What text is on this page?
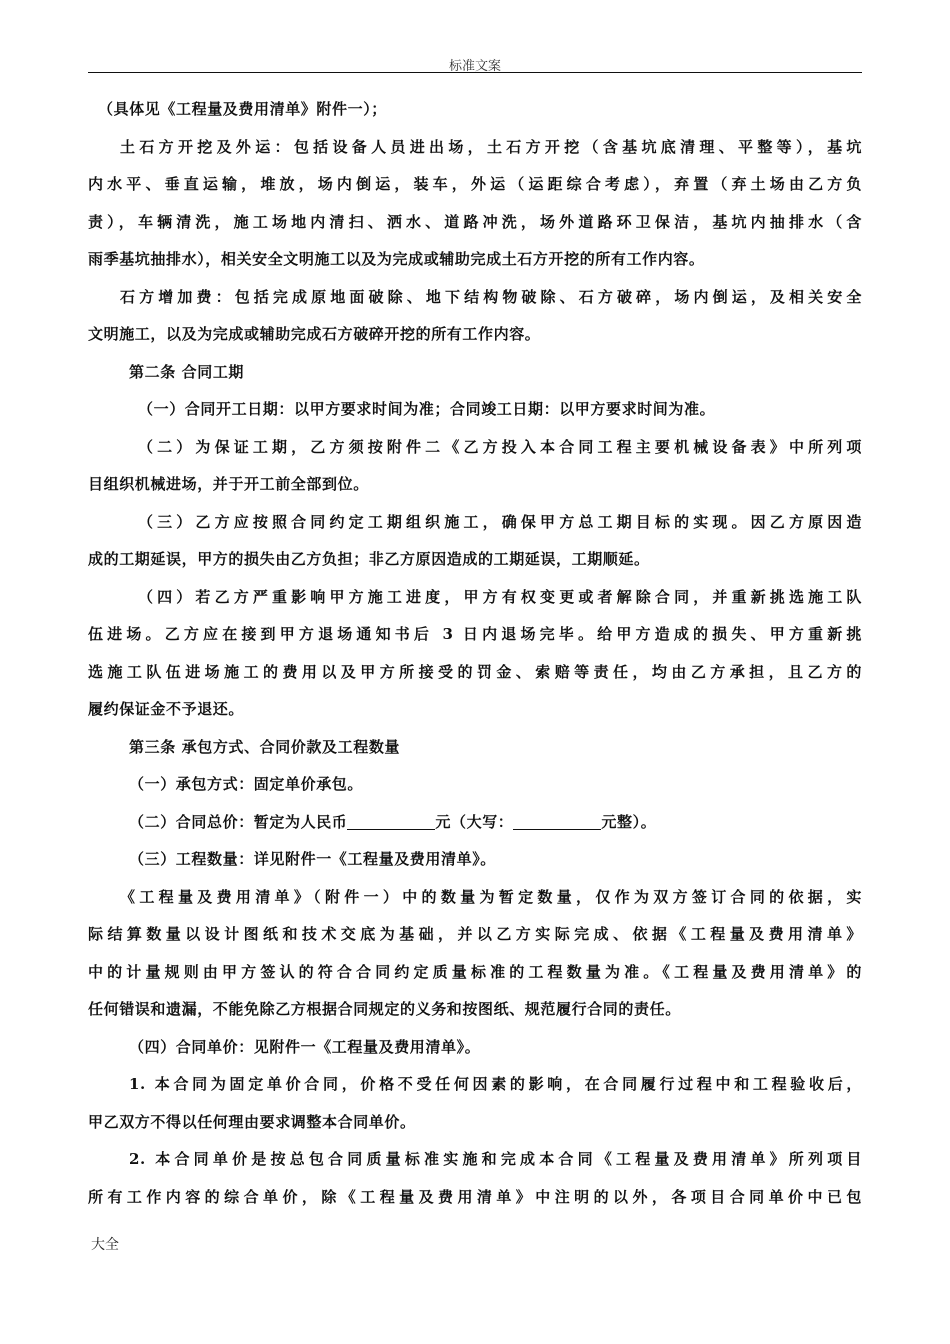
标准文案
（具体见《工程量及费用清单》附件一）；
土石方开挖及外运：包括设备人员进出场，土石方开挖（含基坑底清理、平整等），基坑
内水平、垂直运输，堆放，场内倒运，装车，外运（运距综合考虑），弃置（弃土场由乙方负
责），车辆清洗，施工场地内清扫、洒水、道路冲洗，场外道路环卫保洁，基坑内抽排水（含
雨季基坑抽排水），相关安全文明施工以及为完成或辅助完成土石方开挖的所有工作内容。
石方增加费：包括完成原地面破除、地下结构物破除、石方破碎，场内倒运，及相关安全
文明施工，以及为完成或辅助完成石方破碎开挖的所有工作内容。
第二条 合同工期
（一）合同开工日期：以甲方要求时间为准；合同竣工日期：以甲方要求时间为准。
（二）为保证工期，乙方须按附件二《乙方投入本合同工程主要机械设备表》中所列项
目组织机械进场，并于开工前全部到位。
（三）乙方应按照合同约定工期组织施工，确保甲方总工期目标的实现。因乙方原因造
成的工期延误，甲方的损失由乙方负担；非乙方原因造成的工期延误，工期顺延。
（四）若乙方严重影响甲方施工进度，甲方有权变更或者解除合同，并重新挑选施工队
伍进场。乙方应在接到甲方退场通知书后 3 日内退场完毕。给甲方造成的损失、甲方重新挑
选施工队伍进场施工的费用以及甲方所接受的罚金、索赔等责任，均由乙方承担，且乙方的
履约保证金不予退还。
第三条 承包方式、合同价款及工程数量
（一）承包方式：固定单价承包。
（二）合同总价：暂定为人民币	元（大写：	元整）。
（三）工程数量：详见附件一《工程量及费用清单》。
《工程量及费用清单》（附件一）中的数量为暂定数量，仅作为双方签订合同的依据，实
际结算数量以设计图纸和技术交底为基础，并以乙方实际完成、依据《工程量及费用清单》
中的计量规则由甲方签认的符合合同约定质量标准的工程数量为准。《工程量及费用清单》的
任何错误和遗漏，不能免除乙方根据合同规定的义务和按图纸、规范履行合同的责任。
（四）合同单价：见附件一《工程量及费用清单》。
1. 本合同为固定单价合同，价格不受任何因素的影响，在合同履行过程中和工程验收后，
甲乙双方不得以任何理由要求调整本合同单价。
2. 本合同单价是按总包合同质量标准实施和完成本合同《工程量及费用清单》所列项目
所有工作内容的综合单价，除《工程量及费用清单》中注明的以外，各项目合同单价中已包
大全
